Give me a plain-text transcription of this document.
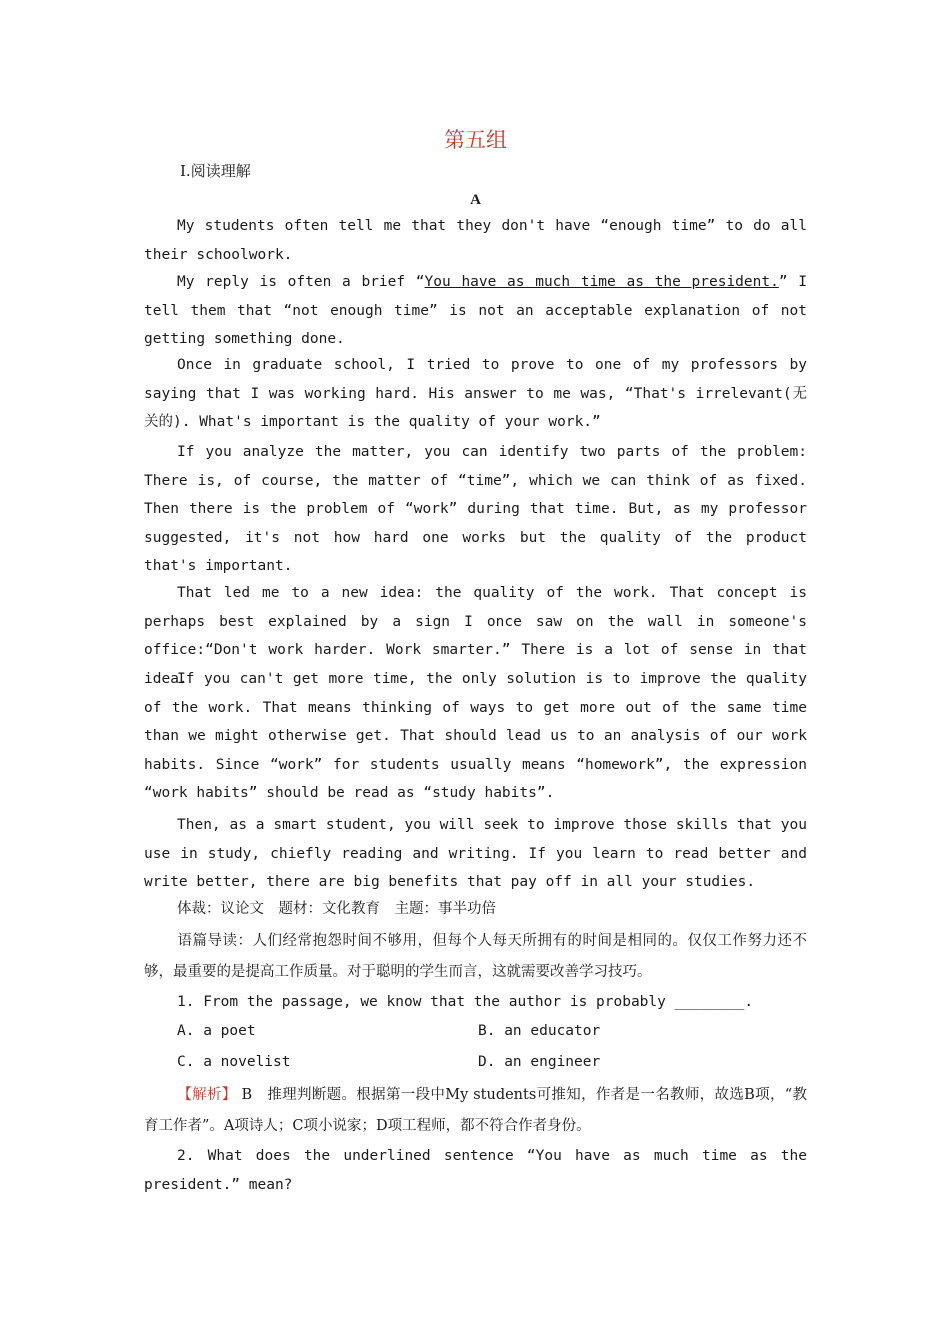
第五组
Ⅰ.阅读理解
A
My students often tell me that they don't have “enough time” to do all their schoolwork.
My reply is often a brief “You have as much time as the president.” I tell them that “not enough time” is not an acceptable explanation of not getting something done.
Once in graduate school, I tried to prove to one of my professors by saying that I was working hard. His answer to me was, “That's irrelevant(无关的). What's important is the quality of your work.”
If you analyze the matter, you can identify two parts of the problem: There is, of course, the matter of “time”, which we can think of as fixed. Then there is the problem of “work” during that time. But, as my professor suggested, it's not how hard one works but the quality of the product that's important.
That led me to a new idea: the quality of the work. That concept is perhaps best explained by a sign I once saw on the wall in someone's office:“Don't work harder. Work smarter.” There is a lot of sense in that idea.
If you can't get more time, the only solution is to improve the quality of the work. That means thinking of ways to get more out of the same time than we might otherwise get. That should lead us to an analysis of our work habits. Since “work” for students usually means “homework”, the expression “work habits” should be read as “study habits”.
Then, as a smart student, you will seek to improve those skills that you use in study, chiefly reading and writing. If you learn to read better and write better, there are big benefits that pay off in all your studies.
体裁：议论文　题材：文化教育　主题：事半功倍
语篇导读：人们经常抱怨时间不够用，但每个人每天所拥有的时间是相同的。仅仅工作努力还不够，最重要的是提高工作质量。对于聪明的学生而言，这就需要改善学习技巧。
1. From the passage, we know that the author is probably ________.
A. a poet	B. an educator
C. a novelist	D. an engineer
【解析】 B　推理判断题。根据第一段中My students可推知，作者是一名教师，故选B项，“教育工作者”。A项诗人；C项小说家；D项工程师，都不符合作者身份。
2. What does the underlined sentence “You have as much time as the president.” mean?
